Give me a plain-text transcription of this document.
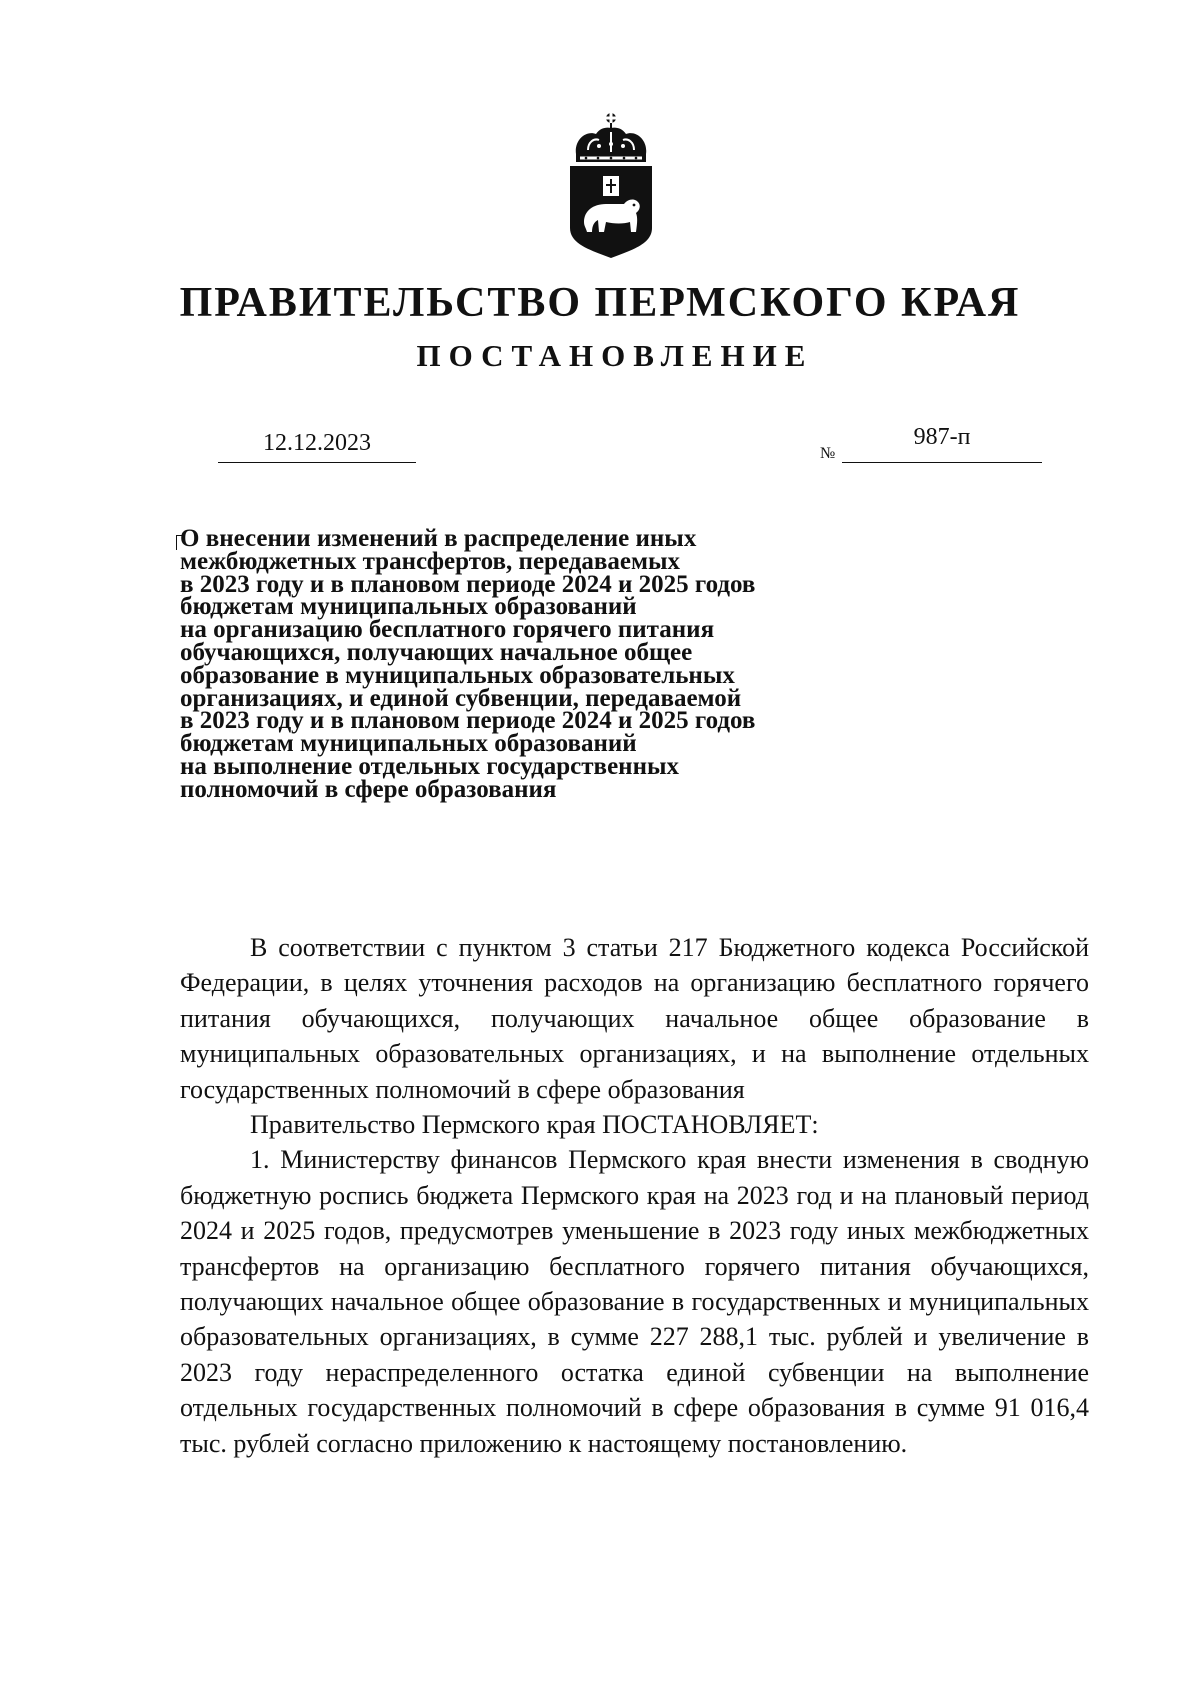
ПРАВИТЕЛЬСТВО ПЕРМСКОГО КРАЯ
ПОСТАНОВЛЕНИЕ
12.12.2023	№
987-п
О внесении изменений в распределение иных
межбюджетных трансфертов, передаваемых
в 2023 году и в плановом периоде 2024 и 2025 годов
бюджетам муниципальных образований
на организацию бесплатного горячего питания
обучающихся, получающих начальное общее
образование в муниципальных образовательных
организациях, и единой субвенции, передаваемой
в 2023 году и в плановом периоде 2024 и 2025 годов
бюджетам муниципальных образований
на выполнение отдельных государственных
полномочий в сфере образования

В соответствии с пунктом 3 статьи 217 Бюджетного кодекса Российской Федерации, в целях уточнения расходов на организацию бесплатного горячего питания обучающихся, получающих начальное общее образование в муниципальных образовательных организациях, и на выполнение отдельных государственных полномочий в сфере образования

Правительство Пермского края ПОСТАНОВЛЯЕТ:

1. Министерству финансов Пермского края внести изменения в сводную бюджетную роспись бюджета Пермского края на 2023 год и на плановый период 2024 и 2025 годов, предусмотрев уменьшение в 2023 году иных межбюджетных трансфертов на организацию бесплатного горячего питания обучающихся, получающих начальное общее образование в государственных и муниципальных образовательных организациях, в сумме 227 288,1 тыс. рублей и увеличение в 2023 году нераспределенного остатка единой субвенции на выполнение отдельных государственных полномочий в сфере образования в сумме 91 016,4 тыс. рублей согласно приложению к настоящему постановлению.
